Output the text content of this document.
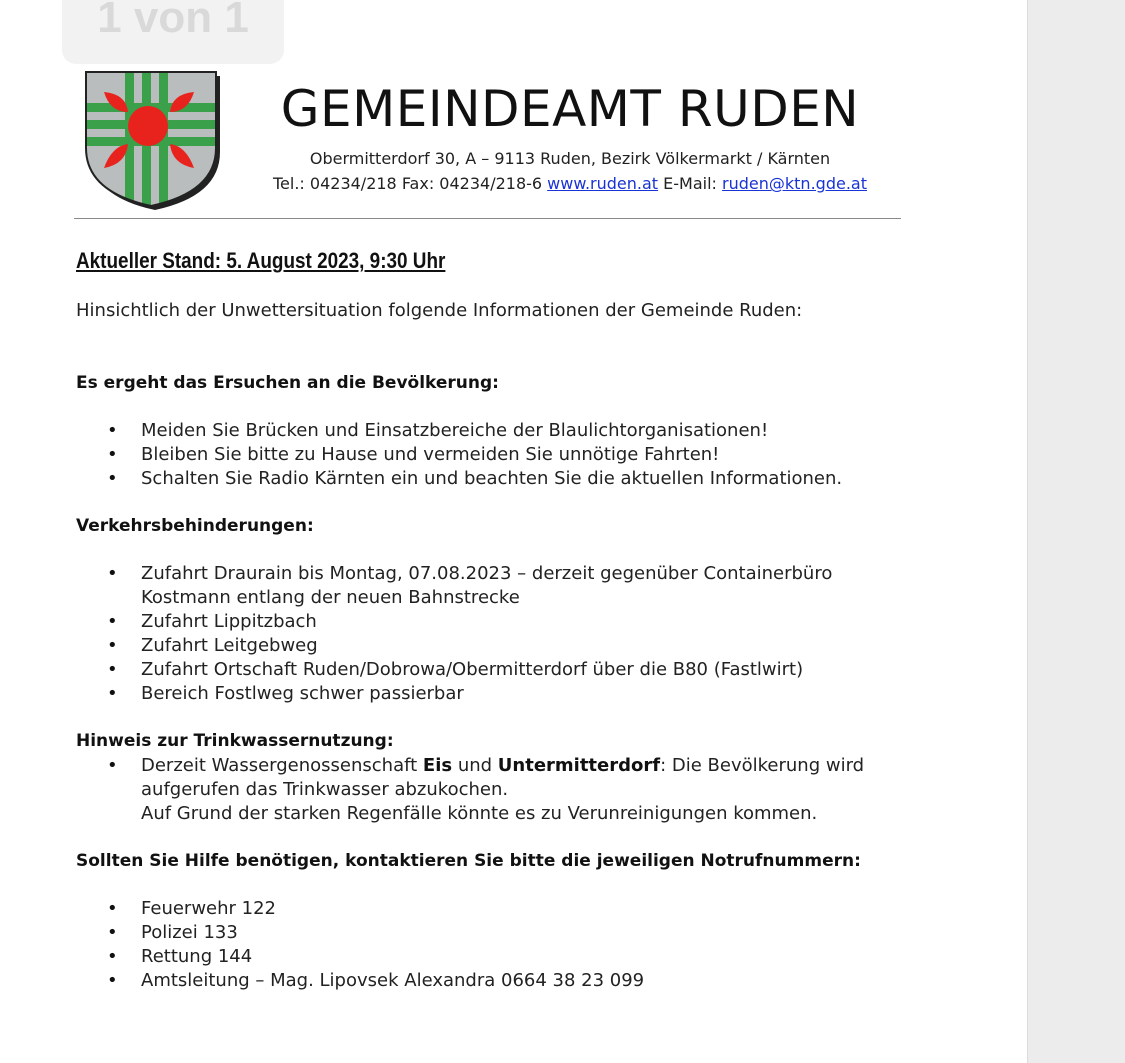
GEMEINDEAMT RUDEN
Obermitterdorf 30, A – 9113 Ruden, Bezirk Völkermarkt / Kärnten
Tel.: 04234/218 Fax: 04234/218-6 www.ruden.at E-Mail: ruden@ktn.gde.at
Aktueller Stand: 5. August 2023, 9:30 Uhr
Hinsichtlich der Unwettersituation folgende Informationen der Gemeinde Ruden:
Es ergeht das Ersuchen an die Bevölkerung:
• Meiden Sie Brücken und Einsatzbereiche der Blaulichtorganisationen!
• Bleiben Sie bitte zu Hause und vermeiden Sie unnötige Fahrten!
• Schalten Sie Radio Kärnten ein und beachten Sie die aktuellen Informationen.
Verkehrsbehinderungen:
• Zufahrt Draurain bis Montag, 07.08.2023 – derzeit gegenüber Containerbüro
Kostmann entlang der neuen Bahnstrecke
• Zufahrt Lippitzbach
• Zufahrt Leitgebweg
• Zufahrt Ortschaft Ruden/Dobrowa/Obermitterdorf über die B80 (Fastlwirt)
• Bereich Fostlweg schwer passierbar
Hinweis zur Trinkwassernutzung:
• Derzeit Wassergenossenschaft Eis und Untermitterdorf: Die Bevölkerung wird
aufgerufen das Trinkwasser abzukochen.
Auf Grund der starken Regenfälle könnte es zu Verunreinigungen kommen.
Sollten Sie Hilfe benötigen, kontaktieren Sie bitte die jeweiligen Notrufnummern:
• Feuerwehr 122
• Polizei 133
• Rettung 144
• Amtsleitung – Mag. Lipovsek Alexandra 0664 38 23 099
1 von 1
